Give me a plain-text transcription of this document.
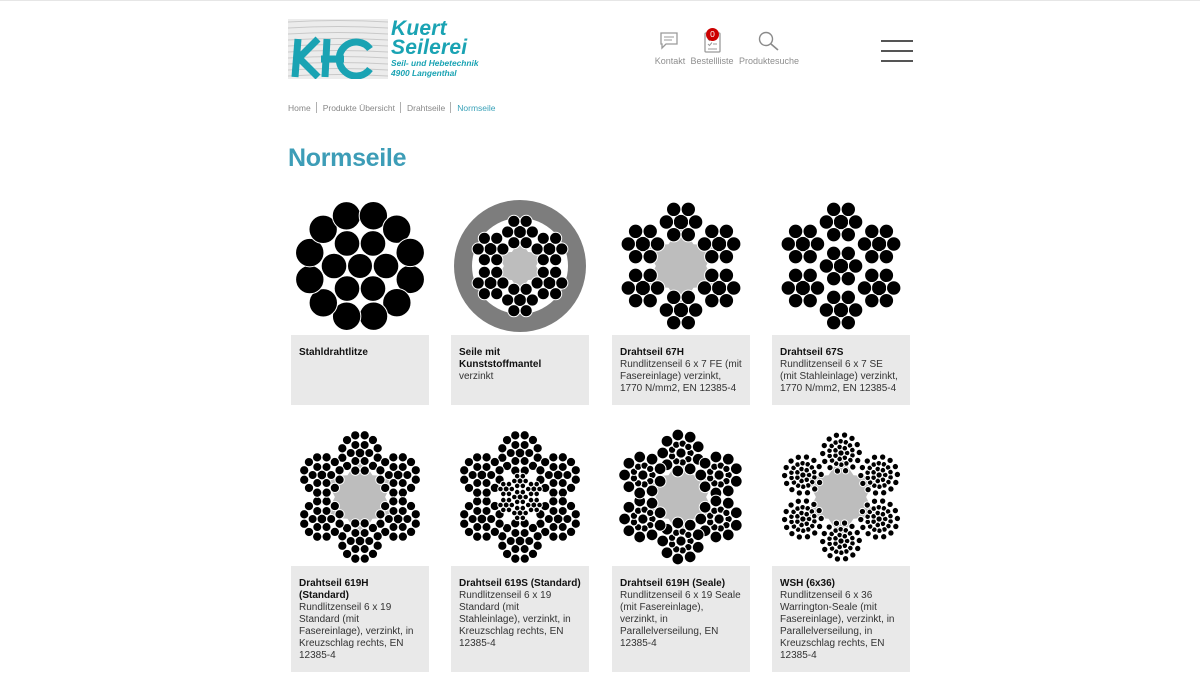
Kuert
Seilerei
Seil- und Hebetechnik
4900 Langenthal
Kontakt
0
Bestellliste Produktesuche
Home Produkte Übersicht Drahtseile Normseile
Normseile
Stahldrahtlitze	Seile mit Kunststoffmantel
verzinkt
Drahtseil 67H
Rundlitzenseil 6 x 7 FE (mit Fasereinlage) verzinkt, 1770 N/mm2, EN 12385-4
Drahtseil 67S
Rundlitzenseil 6 x 7 SE (mit Stahleinlage) verzinkt, 1770 N/mm2, EN 12385-4
Drahtseil 619H (Standard)
Rundlitzenseil 6 x 19 Standard (mit Fasereinlage), verzinkt, in Kreuzschlag rechts, EN 12385-4
Drahtseil 619S (Standard)
Rundlitzenseil 6 x 19 Standard (mit Stahleinlage), verzinkt, in Kreuzschlag rechts, EN 12385-4
Drahtseil 619H (Seale)
Rundlitzenseil 6 x 19 Seale (mit Fasereinlage), verzinkt, in Parallelverseilung, EN 12385-4
WSH (6x36)
Rundlitzenseil 6 x 36 Warrington-Seale (mit Fasereinlage), verzinkt, in Parallelverseilung, in Kreuzschlag rechts, EN 12385-4
